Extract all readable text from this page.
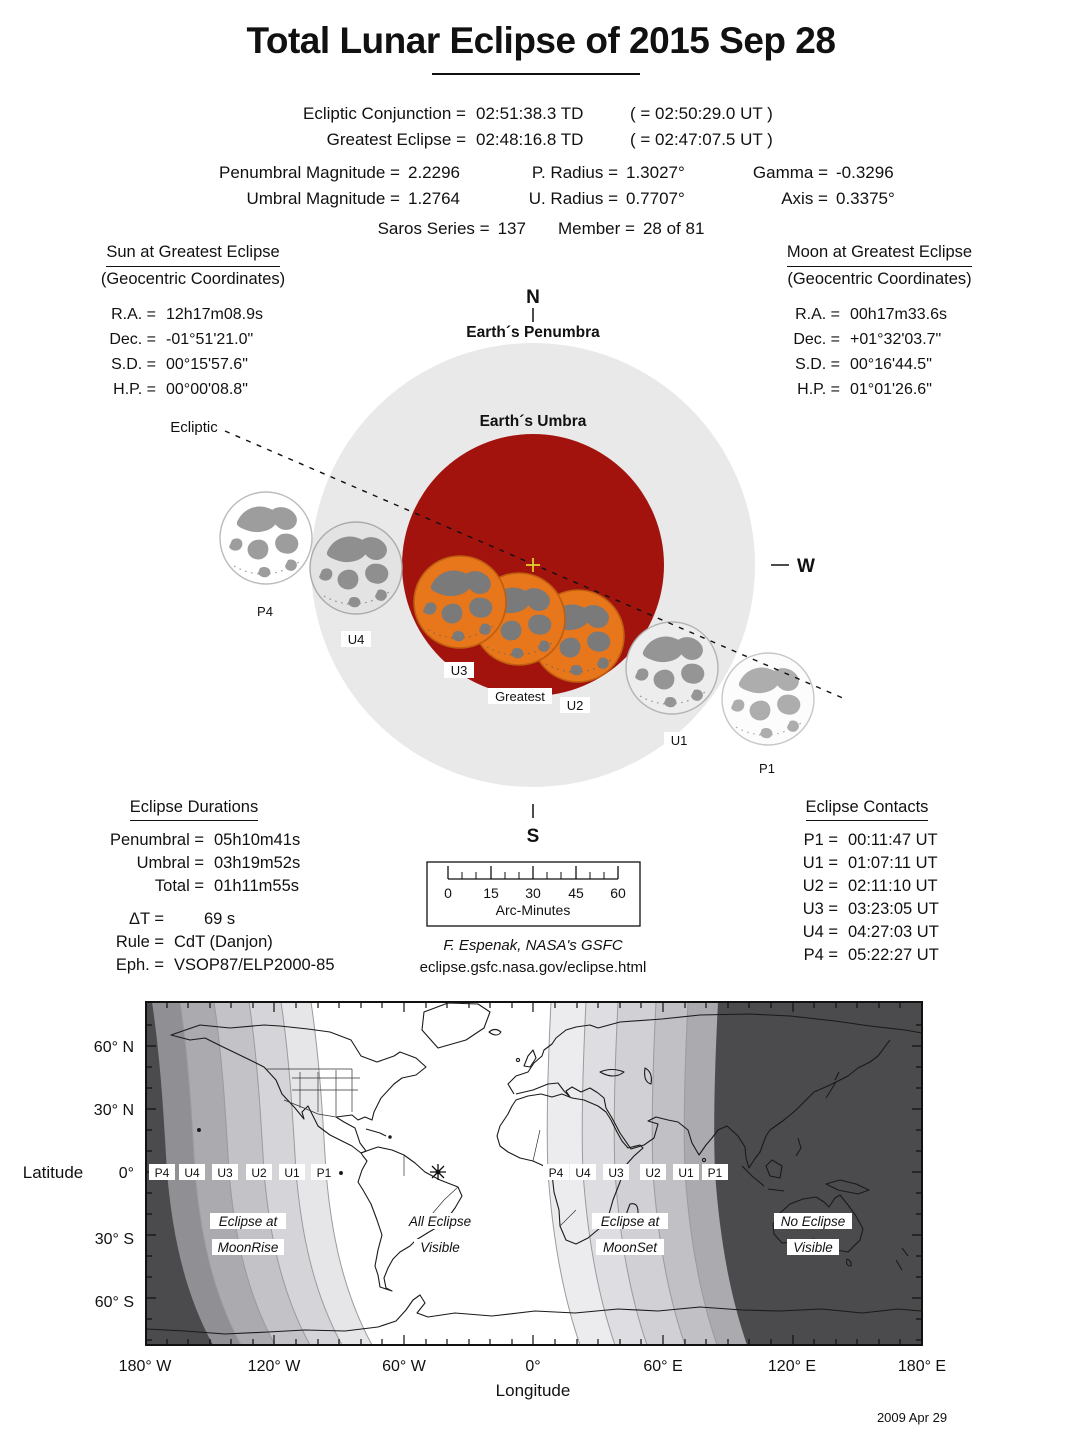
Total Lunar Eclipse of 2015 Sep 28
Ecliptic Conjunction = 02:51:38.3 TD	( = 02:50:29.0 UT )
Greatest Eclipse = 02:48:16.8 TD	( = 02:47:07.5 UT )
Penumbral Magnitude = 2.2296	P. Radius = 1.3027°	Gamma = -0.3296
Umbral Magnitude = 1.2764	U. Radius = 0.7707°	Axis = 0.3375°
Saros Series = 137 Member = 28 of 81
Sun at Greatest Eclipse
(Geocentric Coordinates)
R.A. = 12h17m08.9s
Dec. = -01°51'21.0"
S.D. = 00°15'57.6"
H.P. = 00°00'08.8"
Moon at Greatest Eclipse
(Geocentric Coordinates)
R.A. = 00h17m33.6s
Dec. = +01°32'03.7"
S.D. = 00°16'44.5"
H.P. = 01°01'26.6"
N
S
W
Earth´s Penumbra
Earth´s Umbra
Ecliptic
P4
U4
U3
Greatest
U2
U1
P1
0 15 30 45 60
Arc-Minutes
F. Espenak, NASA's GSFC
eclipse.gsfc.nasa.gov/eclipse.html
Eclipse Durations
Penumbral = 05h10m41s
Umbral = 03h19m52s
Total = 01h11m55s
ΔT =	69 s
Rule = CdT (Danjon)
Eph. = VSOP87/ELP2000-85
Eclipse Contacts
P1 = 00:11:47 UT
U1 = 01:07:11 UT
U2 = 02:11:10 UT
U3 = 03:23:05 UT
U4 = 04:27:03 UT
P4 = 05:22:27 UT
P4 U4 U3 U2 U1 P1	P4 U4 U3 U2 U1 P1
Eclipse at
MoonRise
All Eclipse
Visible
Eclipse at
MoonSet
No Eclipse
Visible
60° N
30° N
0°
30° S
60° S
Latitude
180° W	120° W	60° W	0°	60° E	120° E	180° E
Longitude
2009 Apr 29
